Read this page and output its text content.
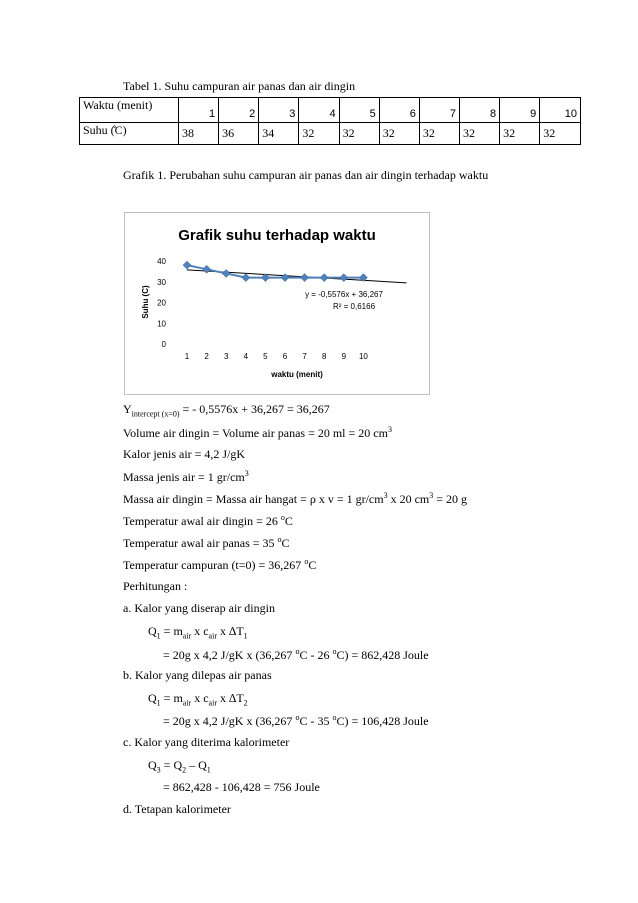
Tabel 1. Suhu campuran air panas dan air dingin
Waktu (menit)	1	2	3	4	5	6	7	8	9	10
Suhu (̊C)	38	36	34	32	32	32	32	32	32	32
Grafik 1. Perubahan suhu campuran air panas dan air dingin terhadap waktu
Grafik suhu terhadap waktu
Suhu (C)
waktu (menit)
0
10
20
30
40
1 2 3 4 5 6 7 8 9 10
y = -0,5576x + 36,267
R² = 0,6166
$Y_{intercept (x=0)}$ = - 0,5576x + 36,267 = 36,267
Volume air dingin = Volume air panas = 20 ml = 20 $cm^3$
Kalor jenis air = 4,2 J/gK
Massa jenis air = 1 $gr/cm^3$
Massa air dingin = Massa air hangat = ρ x v = 1 $gr/cm^3$ x 20 $cm^3 = 20$ g
Temperatur awal air dingin = 26 $^o$C
Temperatur awal air panas = 35 $^o$C
Temperatur campuran (t=0) = 36,267 $^o$C
Perhitungan :
a. Kalor yang diserap air dingin
$Q_1 = m_{air}$ x $c_{air}$ x $\Delta T_1$
= 20g x 4,2 J/gK x (36,267 $^o$C - 26 $^o$C) = 862,428 Joule
b. Kalor yang dilepas air panas
$Q_1 = m_{air}$ x $c_{air}$ x $\Delta T_2$
= 20g x 4,2 J/gK x (36,267 $^o$C - 35 $^o$C) = 106,428 Joule
c. Kalor yang diterima kalorimeter
$Q_3 = Q_2 - Q_1$
= 862,428 - 106,428 = 756 Joule
d. Tetapan kalorimeter
